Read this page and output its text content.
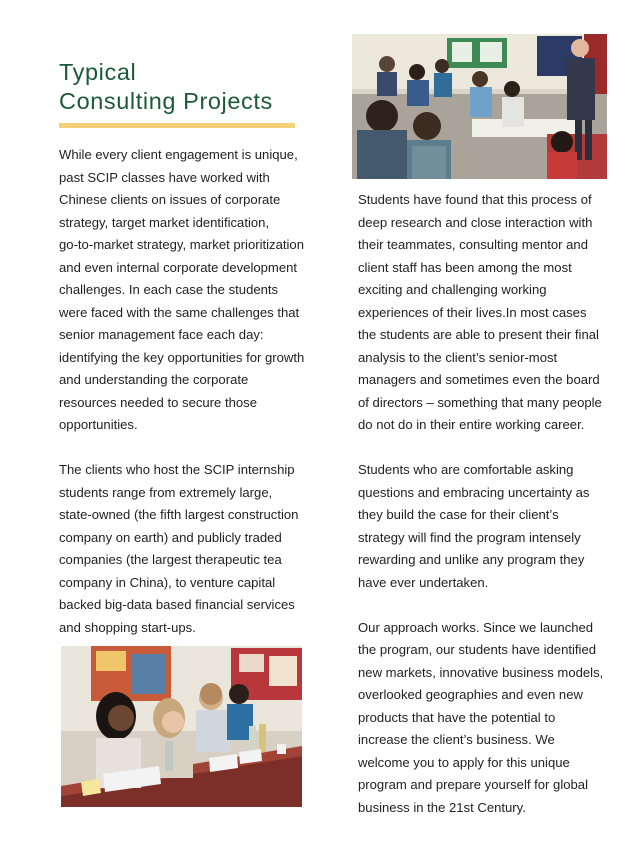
Typical
Consulting Projects

While every client engagement is unique,
past SCIP classes have worked with
Chinese clients on issues of corporate
strategy, target market identification,
go-to-market strategy, market prioritization
and even internal corporate development
challenges. In each case the students
were faced with the same challenges that
senior management face each day:
identifying the key opportunities for growth
and understanding the corporate
resources needed to secure those
opportunities.

The clients who host the SCIP internship
students range from extremely large,
state-owned (the fifth largest construction
company on earth) and publicly traded
companies (the largest therapeutic tea
company in China), to venture capital
backed big-data based financial services
and shopping start-ups.

Students have found that this process of
deep research and close interaction with
their teammates, consulting mentor and
client staff has been among the most
exciting and challenging working
experiences of their lives.In most cases
the students are able to present their final
analysis to the client’s senior-most
managers and sometimes even the board
of directors – something that many people
do not do in their entire working career.

Students who are comfortable asking
questions and embracing uncertainty as
they build the case for their client’s
strategy will find the program intensely
rewarding and unlike any program they
have ever undertaken.

Our approach works. Since we launched
the program, our students have identified
new markets, innovative business models,
overlooked geographies and even new
products that have the potential to
increase the client’s business. We
welcome you to apply for this unique
program and prepare yourself for global
business in the 21st Century.
